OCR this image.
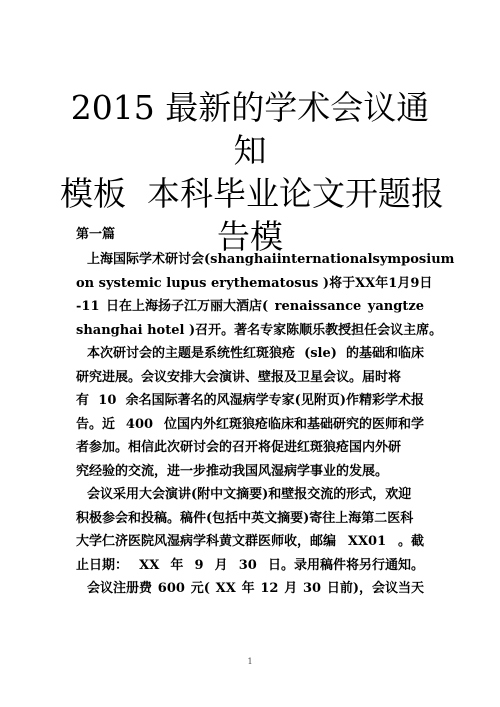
2015 最新的学术会议通知
模板  本科毕业论文开题报
告模
第一篇
上海国际学术研讨会( shanghai international symposium
on systemic lupus erythematosus ) 将于 XX 年 1 月 9 日
-11 日在上海扬子江万丽大酒店( renaissance yangtze
shanghai hotel )召开。著名专家陈顺乐教授担任会议主席。
本次研讨会的主题是系统性红斑狼疮 (sle) 的基础和临床
研究进展。会议安排大会演讲、壁报及卫星会议。届时将
有 10 余名国际著名的风湿病学专家(见附页)作精彩学术报
告。近 400 位国内外红斑狼疮临床和基础研究的医师和学
者参加。相信此次研讨会的召开将促进红斑狼疮国内外研
究经验的交流，进一步推动我国风湿病学事业的发展。
会议采用大会演讲(附中文摘要)和壁报交流的形式，欢迎
积极参会和投稿。稿件(包括中英文摘要)寄往上海第二医科
大学仁济医院风湿病学科黄文群医师收，邮编 XX01 。截
止日期： XX 年 9 月 30 日。录用稿件将另行通知。
会议注册费 600 元( XX 年 12 月 30 日前)，会议当天
1
